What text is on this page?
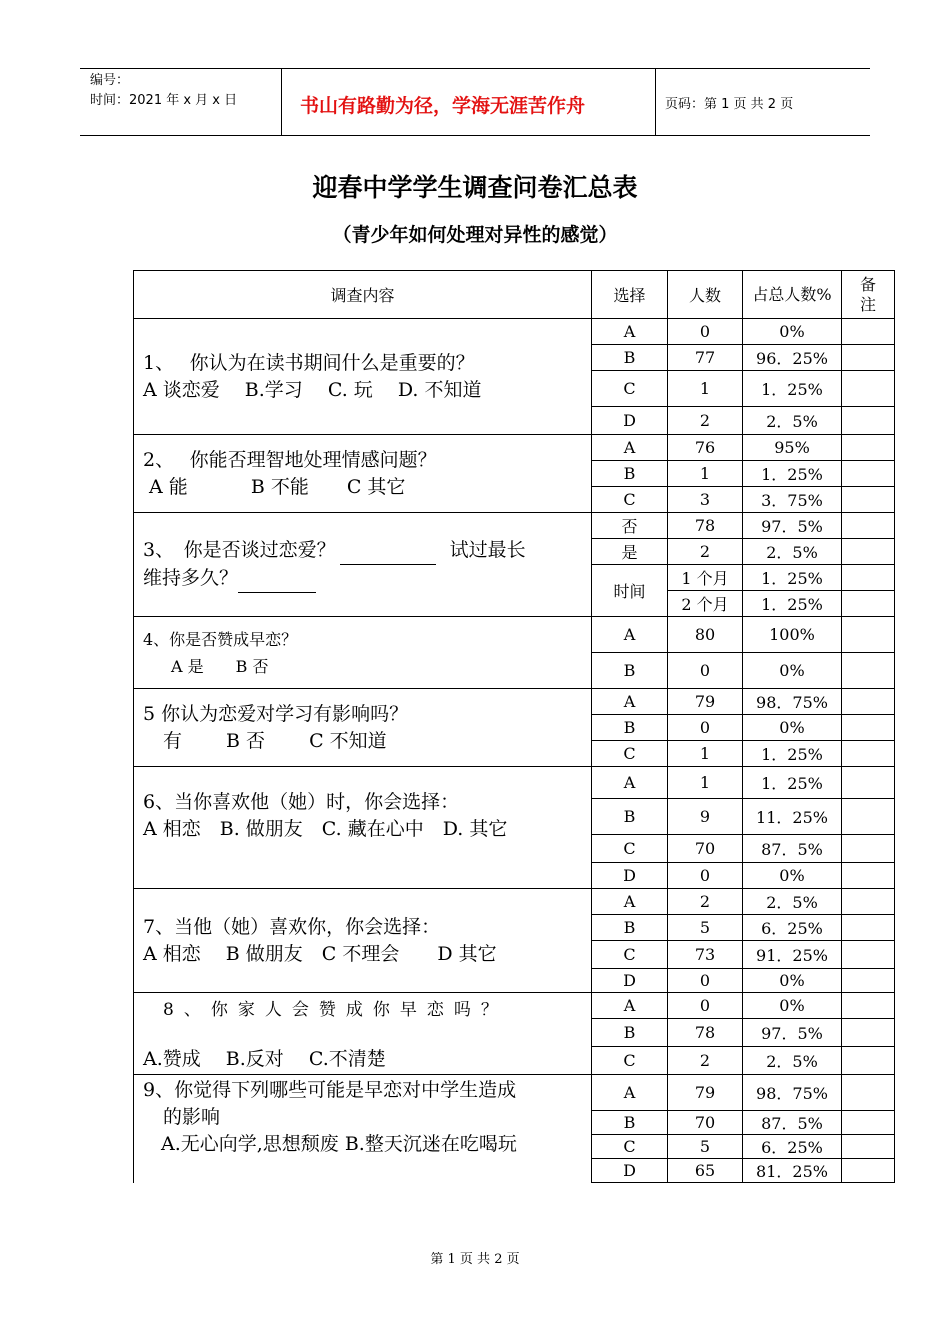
编号：
时间：2021 年 x 月 x 日	书山有路勤为径，学海无涯苦作舟	页码：第 1 页 共 2 页
迎春中学学生调查问卷汇总表
（青少年如何处理对异性的感觉）
调查内容	选择	人数	占总人数%	备注

1、　 你认为在读书期间什么是重要的？
A 谈恋爱　 B.学习　 C. 玩　 D. 不知道	A	0	0%	
	B	77	96．25%	
	C	1	1．25%	
	D	2	2．5%	

2、　 你能否理智地处理情感问题？
A 能　　　 B 不能　　C 其它	A	76	95%	
	B	1	1．25%	
	C	3	3．75%	

3、　你是否谈过恋爱？ 试过最长
维持多久？	否	78	97．5%	
	是	2	2．5%	
	时间	1 个月	1．25%	
		2 个月	1．25%	

4、你是否赞成早恋？
A 是　　B 否	A	80	100%	
	B	0	0%	

5 你认为恋爱对学习有影响吗？
有　　 B 否　　 C 不知道	A	79	98．75%	
	B	0	0%	
	C	1	1．25%	

6、当你喜欢他（她）时，你会选择：
A 相恋　B. 做朋友　C. 藏在心中　D. 其它	A	1	1．25%	
	B	9	11．25%	
	C	70	87．5%	
	D	0	0%	

7、当他（她）喜欢你，你会选择：
A 相恋　 B 做朋友　C 不理会　　D 其它	A	2	2．5%	
	B	5	6．25%	
	C	73	91．25%	
	D	0	0%	

8、你家人会赞成你早恋吗？
A.赞成　 B.反对　 C.不清楚	A	0	0%	
	B	78	97．5%	
	C	2	2．5%	

9、你觉得下列哪些可能是早恋对中学生造成
的影响
A.无心向学,思想颓废 B.整天沉迷在吃喝玩	A	79	98．75%	
	B	70	87．5%	
	C	5	6．25%	
	D	65	81．25%	
第 1 页 共 2 页
